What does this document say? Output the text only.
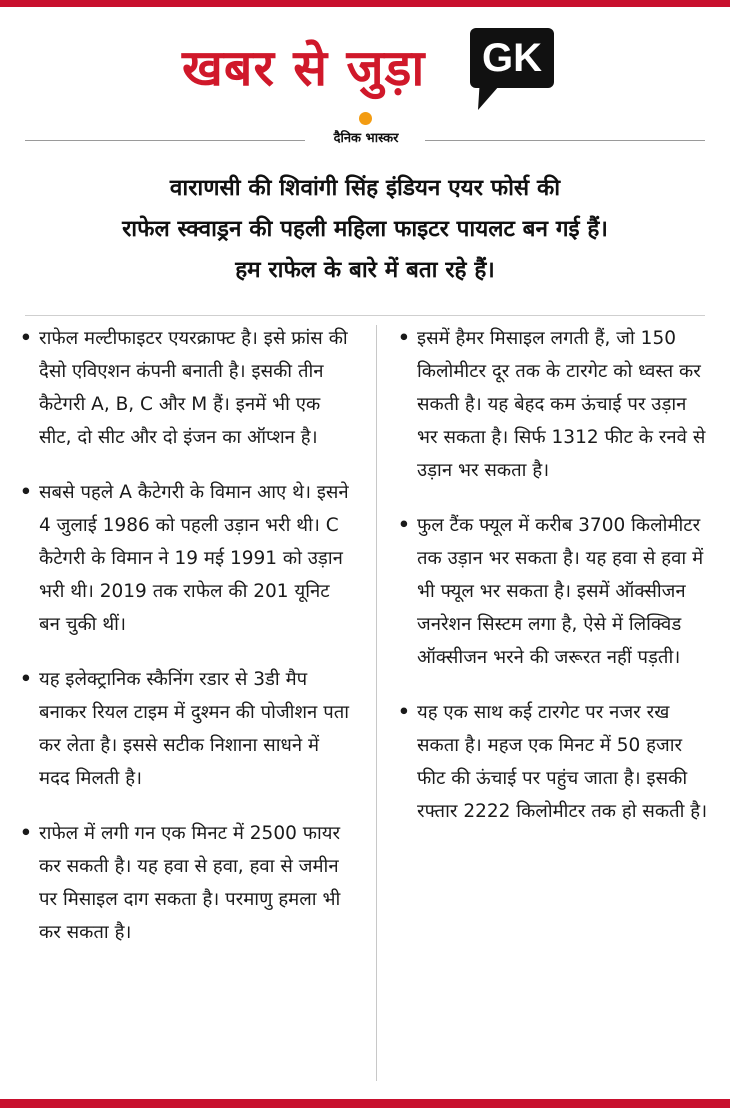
खबर से जुड़ा	GK
दैनिक भास्कर
वाराणसी की शिवांगी सिंह इंडियन एयर फोर्स की
राफेल स्क्वाड्रन की पहली महिला फाइटर पायलट बन गई हैं।
हम राफेल के बारे में बता रहे हैं।
• राफेल मल्टीफाइटर एयरक्राफ्ट है। इसे फ्रांस की दैसो एविएशन कंपनी बनाती है। इसकी तीन कैटेगरी A, B, C और M हैं। इनमें भी एक सीट, दो सीट और दो इंजन का ऑप्शन है।
• सबसे पहले A कैटेगरी के विमान आए थे। इसने 4 जुलाई 1986 को पहली उड़ान भरी थी। C कैटेगरी के विमान ने 19 मई 1991 को उड़ान भरी थी। 2019 तक राफेल की 201 यूनिट बन चुकी थीं।
• यह इलेक्ट्रानिक स्कैनिंग रडार से 3डी मैप बनाकर रियल टाइम में दुश्मन की पोजीशन पता कर लेता है। इससे सटीक निशाना साधने में मदद मिलती है।
• राफेल में लगी गन एक मिनट में 2500 फायर कर सकती है। यह हवा से हवा, हवा से जमीन पर मिसाइल दाग सकता है। परमाणु हमला भी कर सकता है।
• इसमें हैमर मिसाइल लगती हैं, जो 150 किलोमीटर दूर तक के टारगेट को ध्वस्त कर सकती है। यह बेहद कम ऊंचाई पर उड़ान भर सकता है। सिर्फ 1312 फीट के रनवे से उड़ान भर सकता है।
• फुल टैंक फ्यूल में करीब 3700 किलोमीटर तक उड़ान भर सकता है। यह हवा से हवा में भी फ्यूल भर सकता है। इसमें ऑक्सीजन जनरेशन सिस्टम लगा है, ऐसे में लिक्विड ऑक्सीजन भरने की जरूरत नहीं पड़ती।
• यह एक साथ कई टारगेट पर नजर रख सकता है। महज एक मिनट में 50 हजार फीट की ऊंचाई पर पहुंच जाता है। इसकी रफ्तार 2222 किलोमीटर तक हो सकती है।
